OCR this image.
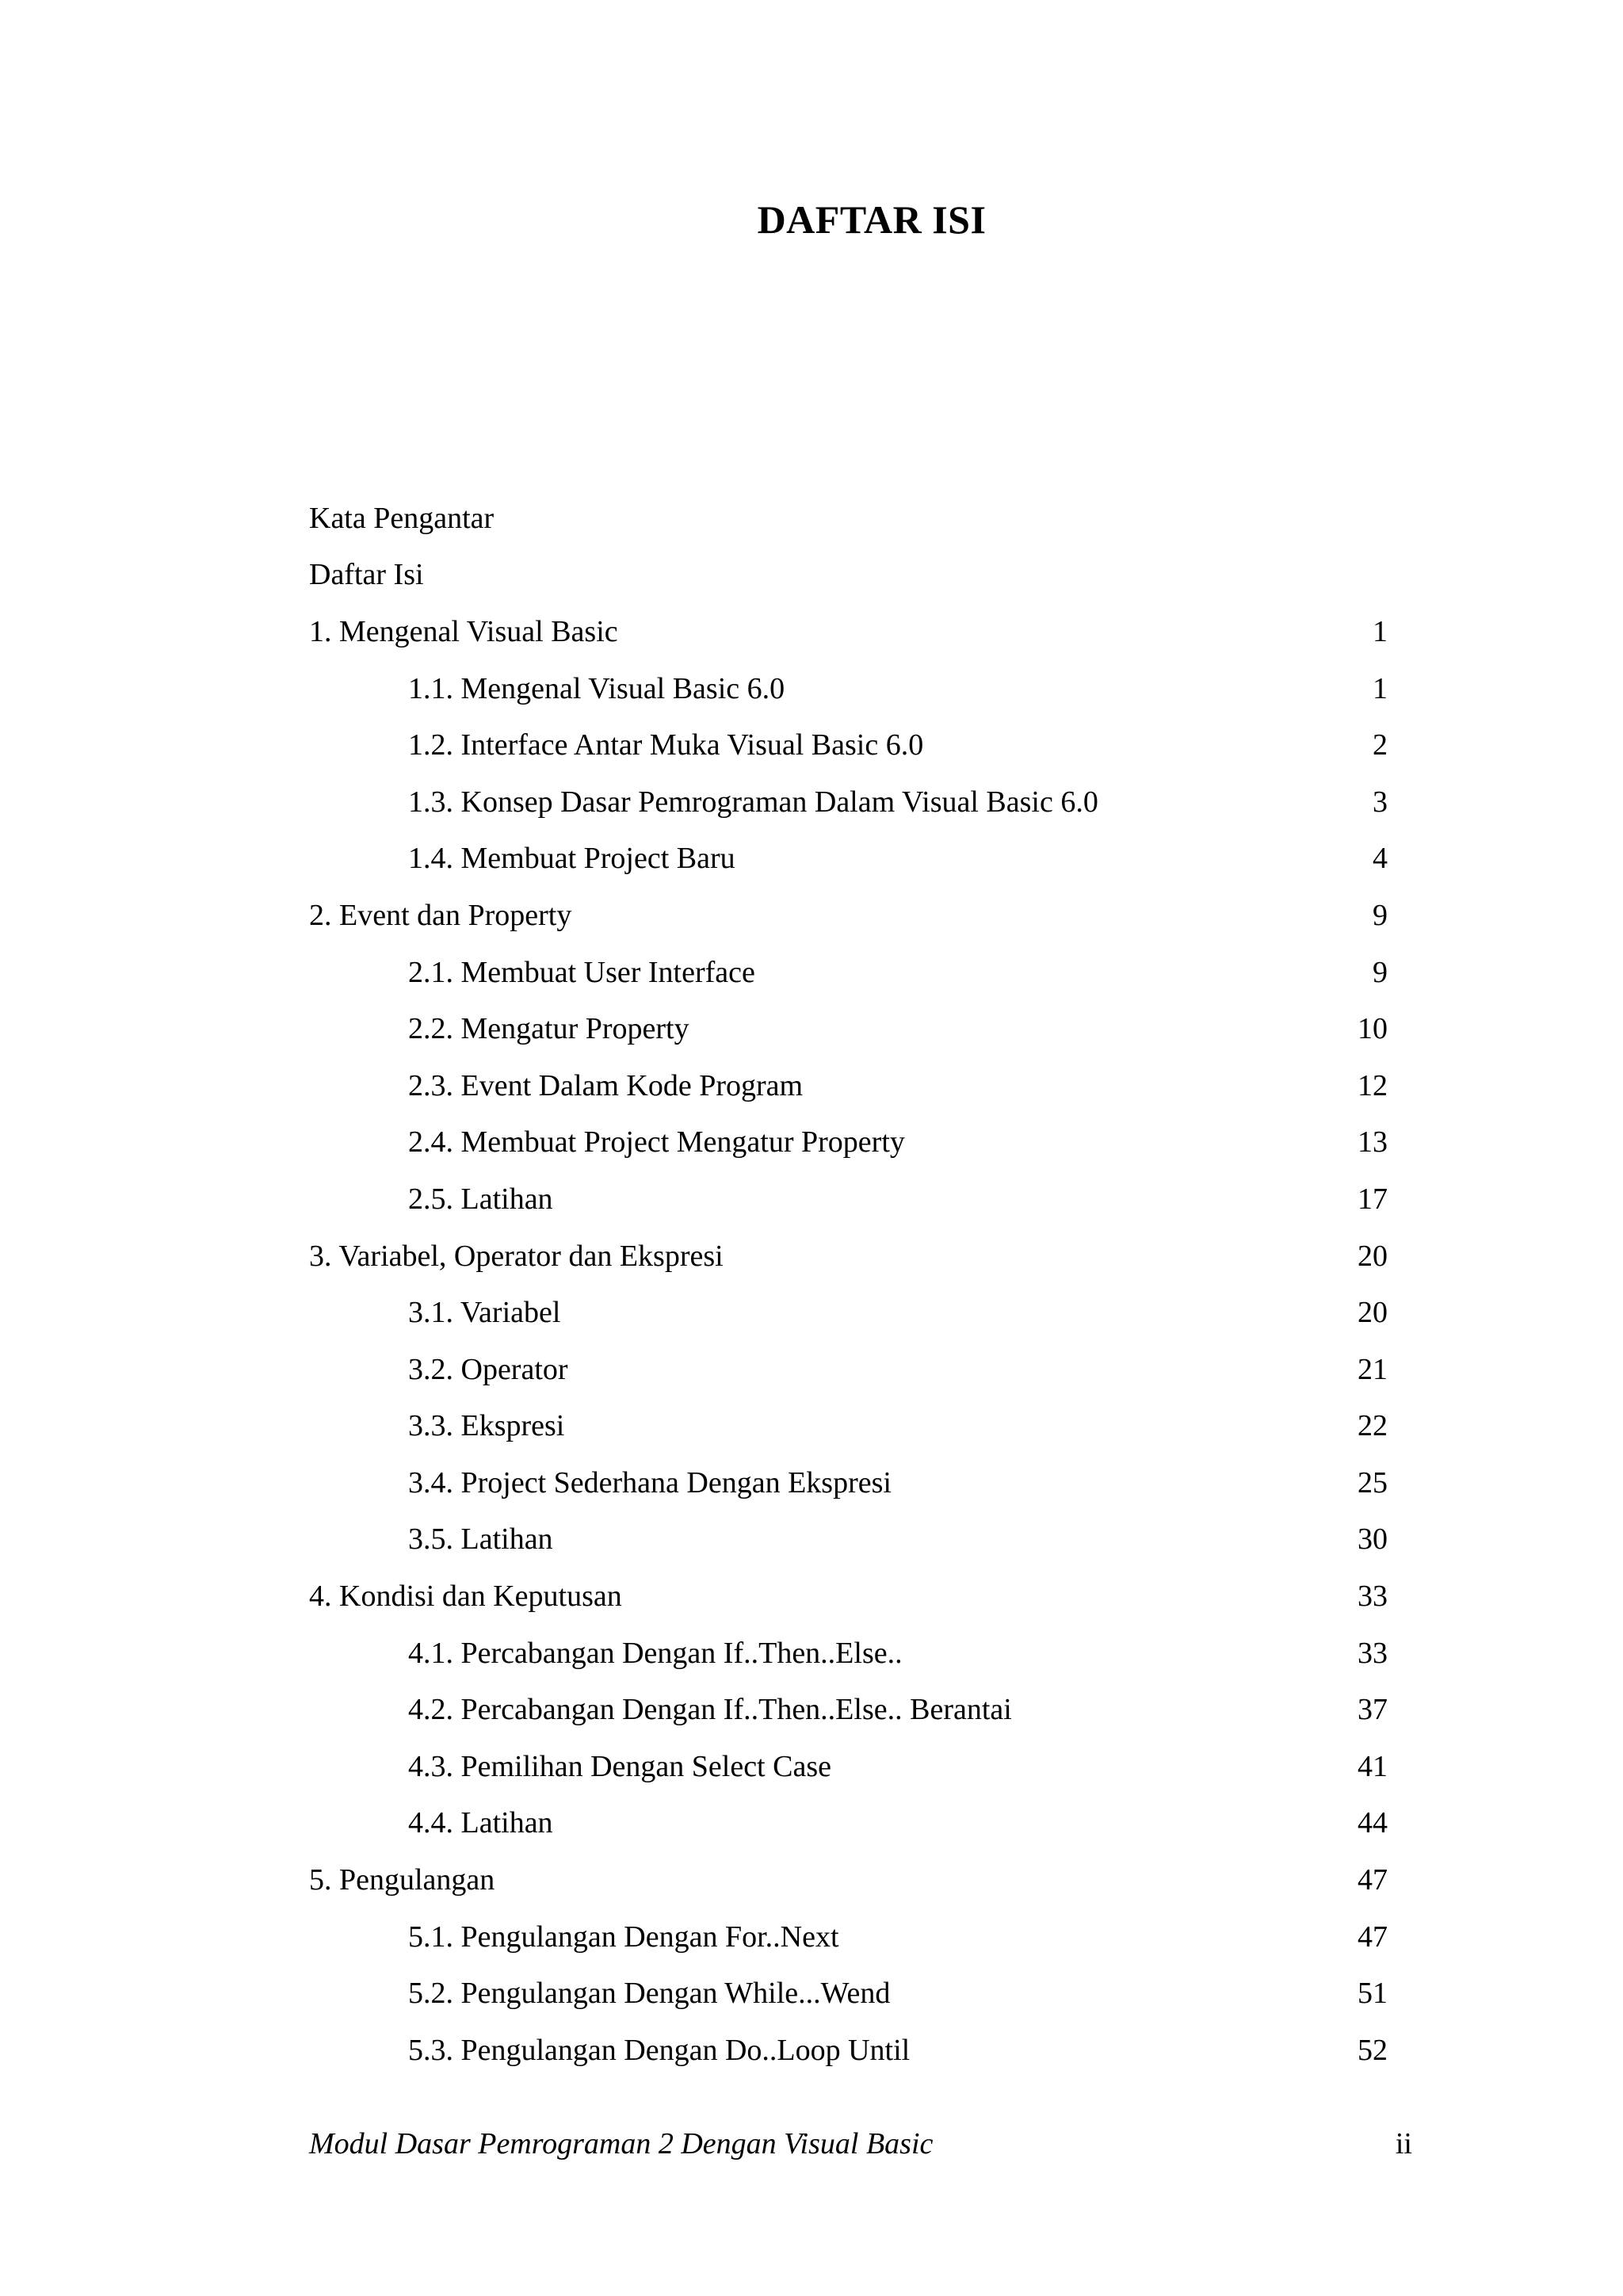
DAFTAR ISI
Kata Pengantar
Daftar Isi
1. Mengenal Visual Basic	1
1.1. Mengenal Visual Basic 6.0	1
1.2. Interface Antar Muka Visual Basic 6.0	2
1.3. Konsep Dasar Pemrograman Dalam Visual Basic 6.0	3
1.4. Membuat Project Baru	4
2. Event dan Property	9
2.1. Membuat User Interface	9
2.2. Mengatur Property	10
2.3. Event Dalam Kode Program	12
2.4. Membuat Project Mengatur Property	13
2.5. Latihan	17
3. Variabel, Operator dan Ekspresi	20
3.1. Variabel	20
3.2. Operator	21
3.3. Ekspresi	22
3.4. Project Sederhana Dengan Ekspresi	25
3.5. Latihan	30
4. Kondisi dan Keputusan	33
4.1. Percabangan Dengan If..Then..Else..	33
4.2. Percabangan Dengan If..Then..Else.. Berantai	37
4.3. Pemilihan Dengan Select Case	41
4.4. Latihan	44
5. Pengulangan	47
5.1. Pengulangan Dengan For..Next	47
5.2. Pengulangan Dengan While...Wend	51
5.3. Pengulangan Dengan Do..Loop Until	52
Modul Dasar Pemrograman 2 Dengan Visual Basic	ii
